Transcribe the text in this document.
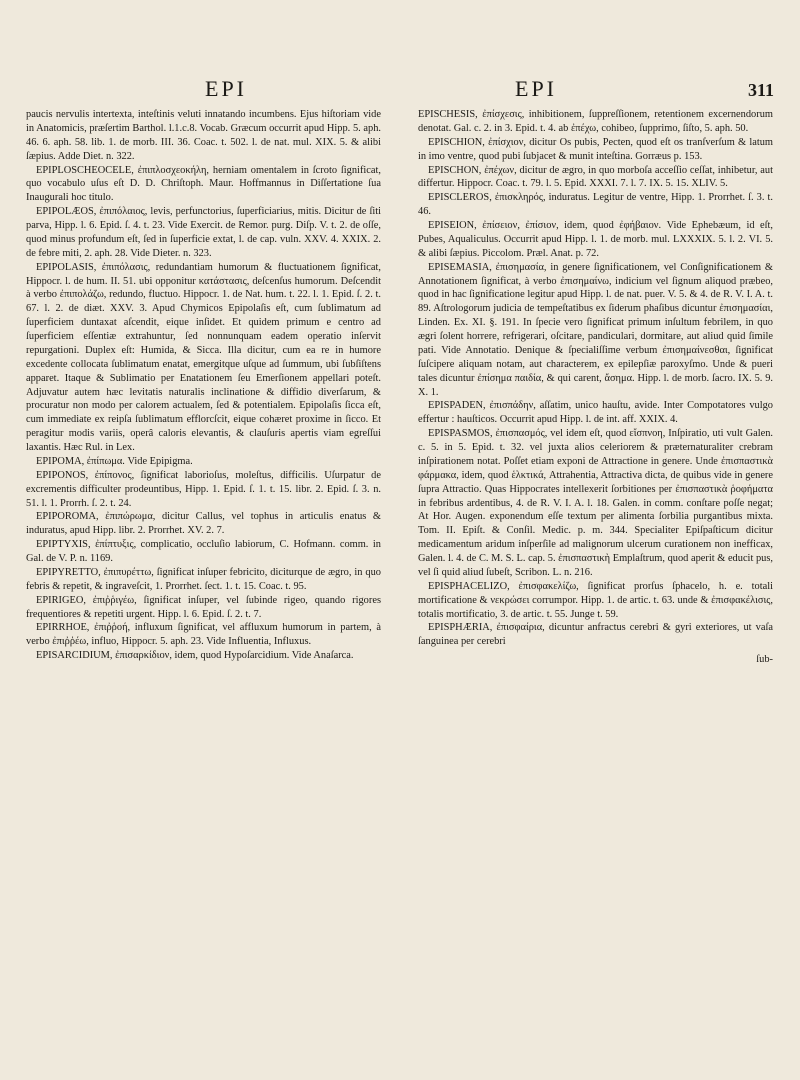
EPI	EPI	311

paucis nervulis intertexta, inteſtinis veluti innatando incumbens. Ejus hiſtoriam vide in Anatomicis, præſertim Barthol. l.1.c.8. Vocab. Græcum occurrit apud Hipp. 5. aph. 46. 6. aph. 58. lib. 1. de morb. III. 36. Coac. t. 502. l. de nat. mul. XIX. 5. & alibi ſæpius. Adde Diet. n. 322.

EPIPLOSCHEOCELE, ἐπιπλοσχεοκήλη, herniam omentalem in ſcroto ſignificat, quo vocabulo uſus eſt D. D. Chriſtoph. Maur. Hoffmannus in Diſſertatione ſua Inaugurali hoc titulo.

EPIPOLÆOS, ἐπιπόλαιος, levis, perfunctorius, ſuperficiarius, mitis. Dicitur de ſiti parva, Hipp. l. 6. Epid. ſ. 4. t. 23. Vide Exercit. de Remor. purg. Diſp. V. t. 2. de oſſe, quod minus profundum eſt, ſed in ſuperficie extat, l. de cap. vuln. XXV. 4. XXIX. 2. de febre miti, 2. aph. 28. Vide Dieter. n. 323.

EPIPOLASIS, ἐπιπόλασις, redundantiam humorum & fluctuationem ſignificat, Hippocr. l. de hum. II. 51. ubi opponitur κατάστασις, deſcenſus humorum. Deſcendit à verbo ἐπιπολάζω, redundo, fluctuo. Hippocr. 1. de Nat. hum. t. 22. l. 1. Epid. ſ. 2. t. 67. l. 2. de diæt. XXV. 3. Apud Chymicos Epipolaſis eſt, cum ſublimatum ad ſuperficiem duntaxat aſcendit, eique inſidet. Et quidem primum e centro ad ſuperficiem eſſentiæ extrahuntur, ſed nonnunquam eadem operatio inſervit repurgationi. Duplex eſt: Humida, & Sicca. Illa dicitur, cum ea re in humore excedente collocata ſublimatum enatat, emergitque uſque ad ſummum, ubi ſubſiſtens apparet. Itaque & Sublimatio per Enatationem ſeu Emerſionem appellari poteſt. Adjuvatur autem hæc levitatis naturalis inclinatione & diffidio diverſarum, & procuratur non modo per calorem actualem, ſed & potentialem. Epipolaſis ſicca eſt, cum immediate ex reipſa ſublimatum efflorcſcit, eique cohæret proxime in ſicco. Et peragitur modis variis, operâ caloris elevantis, & clauſuris apertis viam egreſſui laxantis. Hæc Rul. in Lex.

EPIPOMA, ἐπίπωμα. Vide Epipigma.

EPIPONOS, ἐπίπονος, ſignificat laborioſus, moleſtus, difficilis. Uſurpatur de excrementis difficulter prodeuntibus, Hipp. 1. Epid. ſ. 1. t. 15. libr. 2. Epid. ſ. 3. n. 51. l. 1. Prorrh. ſ. 2. t. 24.

EPIPOROMA, ἐπιπώρωμα, dicitur Callus, vel tophus in articulis enatus & induratus, apud Hipp. libr. 2. Prorrhet. XV. 2. 7.

EPIPTYXIS, ἐπίπτυξις, complicatio, occluſio labiorum, C. Hofmann. comm. in Gal. de V. P. n. 1169.

EPIPYRETTO, ἐπιπυρέττω, ſignificat inſuper febricito, diciturque de ægro, in quo febris & repetit, & ingraveſcit, 1. Prorrhet. ſect. 1. t. 15. Coac. t. 95.

EPIRIGEO, ἐπιῤῥιγέω, ſignificat inſuper, vel ſubinde rigeo, quando rigores frequentiores & repetiti urgent. Hipp. l. 6. Epid. ſ. 2. t. 7.

EPIRRHOE, ἐπιῤῥοή, influxum ſignificat, vel affluxum humorum in partem, à verbo ἐπιῤῥέω, influo, Hippocr. 5. aph. 23. Vide Influentia, Influxus.

EPISARCIDIUM, ἐπισαρκίδιον, idem, quod Hypoſarcidium. Vide Anaſarca.

EPISCHESIS, ἐπίσχεσις, inhibitionem, ſuppreſſionem, retentionem excernendorum denotat. Gal. c. 2. in 3. Epid. t. 4. ab ἐπέχω, cohibeo, ſupprimo, ſiſto, 5. aph. 50.

EPISCHION, ἐπίσχιον, dicitur Os pubis, Pecten, quod eſt os tranſverſum & latum in imo ventre, quod pubi ſubjacet & munit inteſtina. Gorræus p. 153.

EPISCHON, ἐπέχων, dicitur de ægro, in quo morboſa acceſſio ceſſat, inhibetur, aut differtur. Hippocr. Coac. t. 79. l. 5. Epid. XXXI. 7. l. 7. IX. 5. 15. XLIV. 5.

EPISCLEROS, ἐπισκληρός, induratus. Legitur de ventre, Hipp. 1. Prorrhet. ſ. 3. t. 46.

EPISEION, ἐπίσειον, ἐπίσιον, idem, quod ἐφήβαιον. Vide Ephebæum, id eſt, Pubes, Aqualiculus. Occurrit apud Hipp. l. 1. de morb. mul. LXXXIX. 5. l. 2. VI. 5. & alibi ſæpius. Piccolom. Præl. Anat. p. 72.

EPISEMASIA, ἐπισημασία, in genere ſignificationem, vel Conſignificationem & Annotationem ſignificat, à verbo ἐπισημαίνω, indicium vel ſignum aliquod præbeo, quod in hac ſignificatione legitur apud Hipp. l. de nat. puer. V. 5. & 4. de R. V. I. A. t. 89. Aſtrologorum judicia de tempeſtatibus ex ſiderum phaſibus dicuntur ἐπισημασίαι, Linden. Ex. XI. §. 191. In ſpecie vero ſignificat primum inſultum febrilem, in quo ægri ſolent horrere, refrigerari, oſcitare, pandiculari, dormitare, aut aliud quid ſimile pati. Vide Annotatio. Denique & ſpecialiſſime verbum ἐπισημαίνεσθαι, ſignificat ſuſcipere aliquam notam, aut characterem, ex epilepſiæ paroxyſmo. Unde & pueri tales dicuntur ἐπίσημα παιδία, & qui carent, ἄσημα. Hipp. l. de morb. ſacro. IX. 5. 9. X. 1.

EPISPADEN, ἐπισπάδην, aſſatim, unico hauſtu, avide. Inter Compotatores vulgo effertur : hauſticos. Occurrit apud Hipp. l. de int. aff. XXIX. 4.

EPISPASMOS, ἐπισπασμός, vel idem eſt, quod εἴσπνοη, Inſpiratio, uti vult Galen. c. 5. in 5. Epid. t. 32. vel juxta alios celeriorem & præternaturaliter crebram inſpirationem notat. Poſſet etiam exponi de Attractione in genere. Unde ἐπισπαστικὰ φάρμακα, idem, quod ἑλκτικά, Attrahentia, Attractiva dicta, de quibus vide in genere ſupra Attractio. Quas Hippocrates intellexerit ſorbitiones per ἐπισπαστικὰ ῥοφήματα in febribus ardentibus, 4. de R. V. I. A. l. 18. Galen. in comm. conſtare poſſe negat; At Hor. Augen. exponendum eſſe textum per alimenta ſorbilia purgantibus mixta. Tom. II. Epiſt. & Conſil. Medic. p. m. 344. Specialiter Epiſpaſticum dicitur medicamentum aridum inſperſile ad malignorum ulcerum curationem non inefficax, Galen. l. 4. de C. M. S. L. cap. 5. ἐπισπαστικὴ Emplaſtrum, quod aperit & educit pus, vel ſi quid aliud ſubeſt, Scribon. L. n. 216.

EPISPHACELIZO, ἐπισφακελίζω, ſignificat prorſus ſphacelo, h. e. totali mortificatione & νεκρώσει corrumpor. Hipp. 1. de artic. t. 63. unde & ἐπισφακέλισις, totalis mortificatio, 3. de artic. t. 55. Junge t. 59.

EPISPHÆRIA, ἐπισφαίρια, dicuntur anfractus cerebri & gyri exteriores, ut vaſa ſanguinea per cerebri

ſub-
